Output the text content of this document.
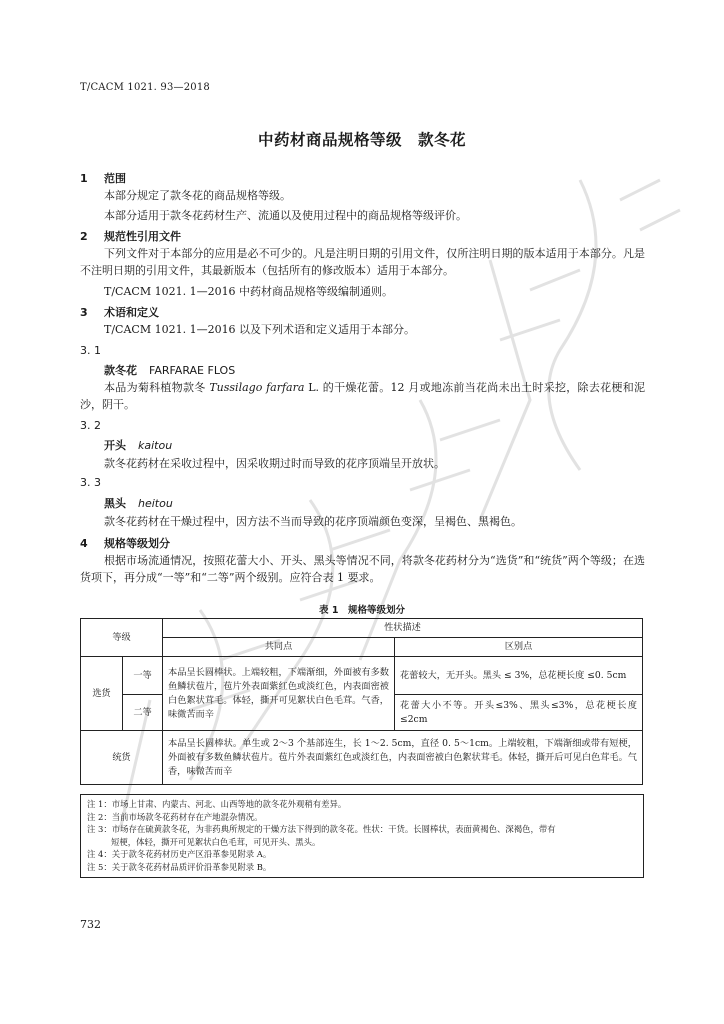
T/CACM 1021. 93—2018
中药材商品规格等级　款冬花
1 范围
本部分规定了款冬花的商品规格等级。
本部分适用于款冬花药材生产、流通以及使用过程中的商品规格等级评价。
2 规范性引用文件
下列文件对于本部分的应用是必不可少的。凡是注明日期的引用文件，仅所注明日期的版本适用于本部分。凡是不注明日期的引用文件，其最新版本（包括所有的修改版本）适用于本部分。
T/CACM 1021. 1—2016 中药材商品规格等级编制通则。
3 术语和定义
T/CACM 1021. 1—2016 以及下列术语和定义适用于本部分。
3. 1
款冬花 FARFARAE FLOS
本品为菊科植物款冬 Tussilago farfara L. 的干燥花蕾。12 月或地冻前当花尚未出土时采挖，除去花梗和泥沙，阴干。
3. 2
开头 kaitou
款冬花药材在采收过程中，因采收期过时而导致的花序顶端呈开放状。
3. 3
黑头 heitou
款冬花药材在干燥过程中，因方法不当而导致的花序顶端颜色变深，呈褐色、黑褐色。
4 规格等级划分
根据市场流通情况，按照花蕾大小、开头、黑头等情况不同，将款冬花药材分为“选货”和“统货”两个等级；在选货项下，再分成“一等”和“二等”两个级别。应符合表 1 要求。
表 1　规格等级划分
等级		性状描述	
		共同点	区别点
选货	一等	本品呈长圆棒状。上端较粗，下端渐细，外面被有多数鱼鳞状苞片，苞片外表面紫红色或淡红色，内表面密被白色絮状茸毛。体轻，撕开可见絮状白色毛茸。气香，味微苦而辛	花蕾较大，无开头。黑头 ≤ 3%，总花梗长度 ≤0. 5cm
	二等		花蕾大小不等。开头≤3%、黑头≤3%，总花梗长度≤2cm
统货		本品呈长圆棒状。单生或 2～3 个基部连生，长 1～2. 5cm，直径 0. 5～1cm。上端较粗，下端渐细或带有短梗，外面被有多数鱼鳞状苞片。苞片外表面紫红色或淡红色，内表面密被白色絮状茸毛。体轻，撕开后可见白色茸毛。气香，味微苦而辛	
注 1：市场上甘肃、内蒙古、河北、山西等地的款冬花外观稍有差异。
注 2：当前市场款冬花药材存在产地混杂情况。
注 3：市场存在硫黄款冬花，为非药典所规定的干燥方法下得到的款冬花。性状：干货。长圆棒状，表面黄褐色、深褐色，带有
短梗，体轻，撕开可见絮状白色毛茸，可见开头、黑头。
注 4：关于款冬花药材历史产区沿革参见附录 A。
注 5：关于款冬花药材品质评价沿革参见附录 B。
732
